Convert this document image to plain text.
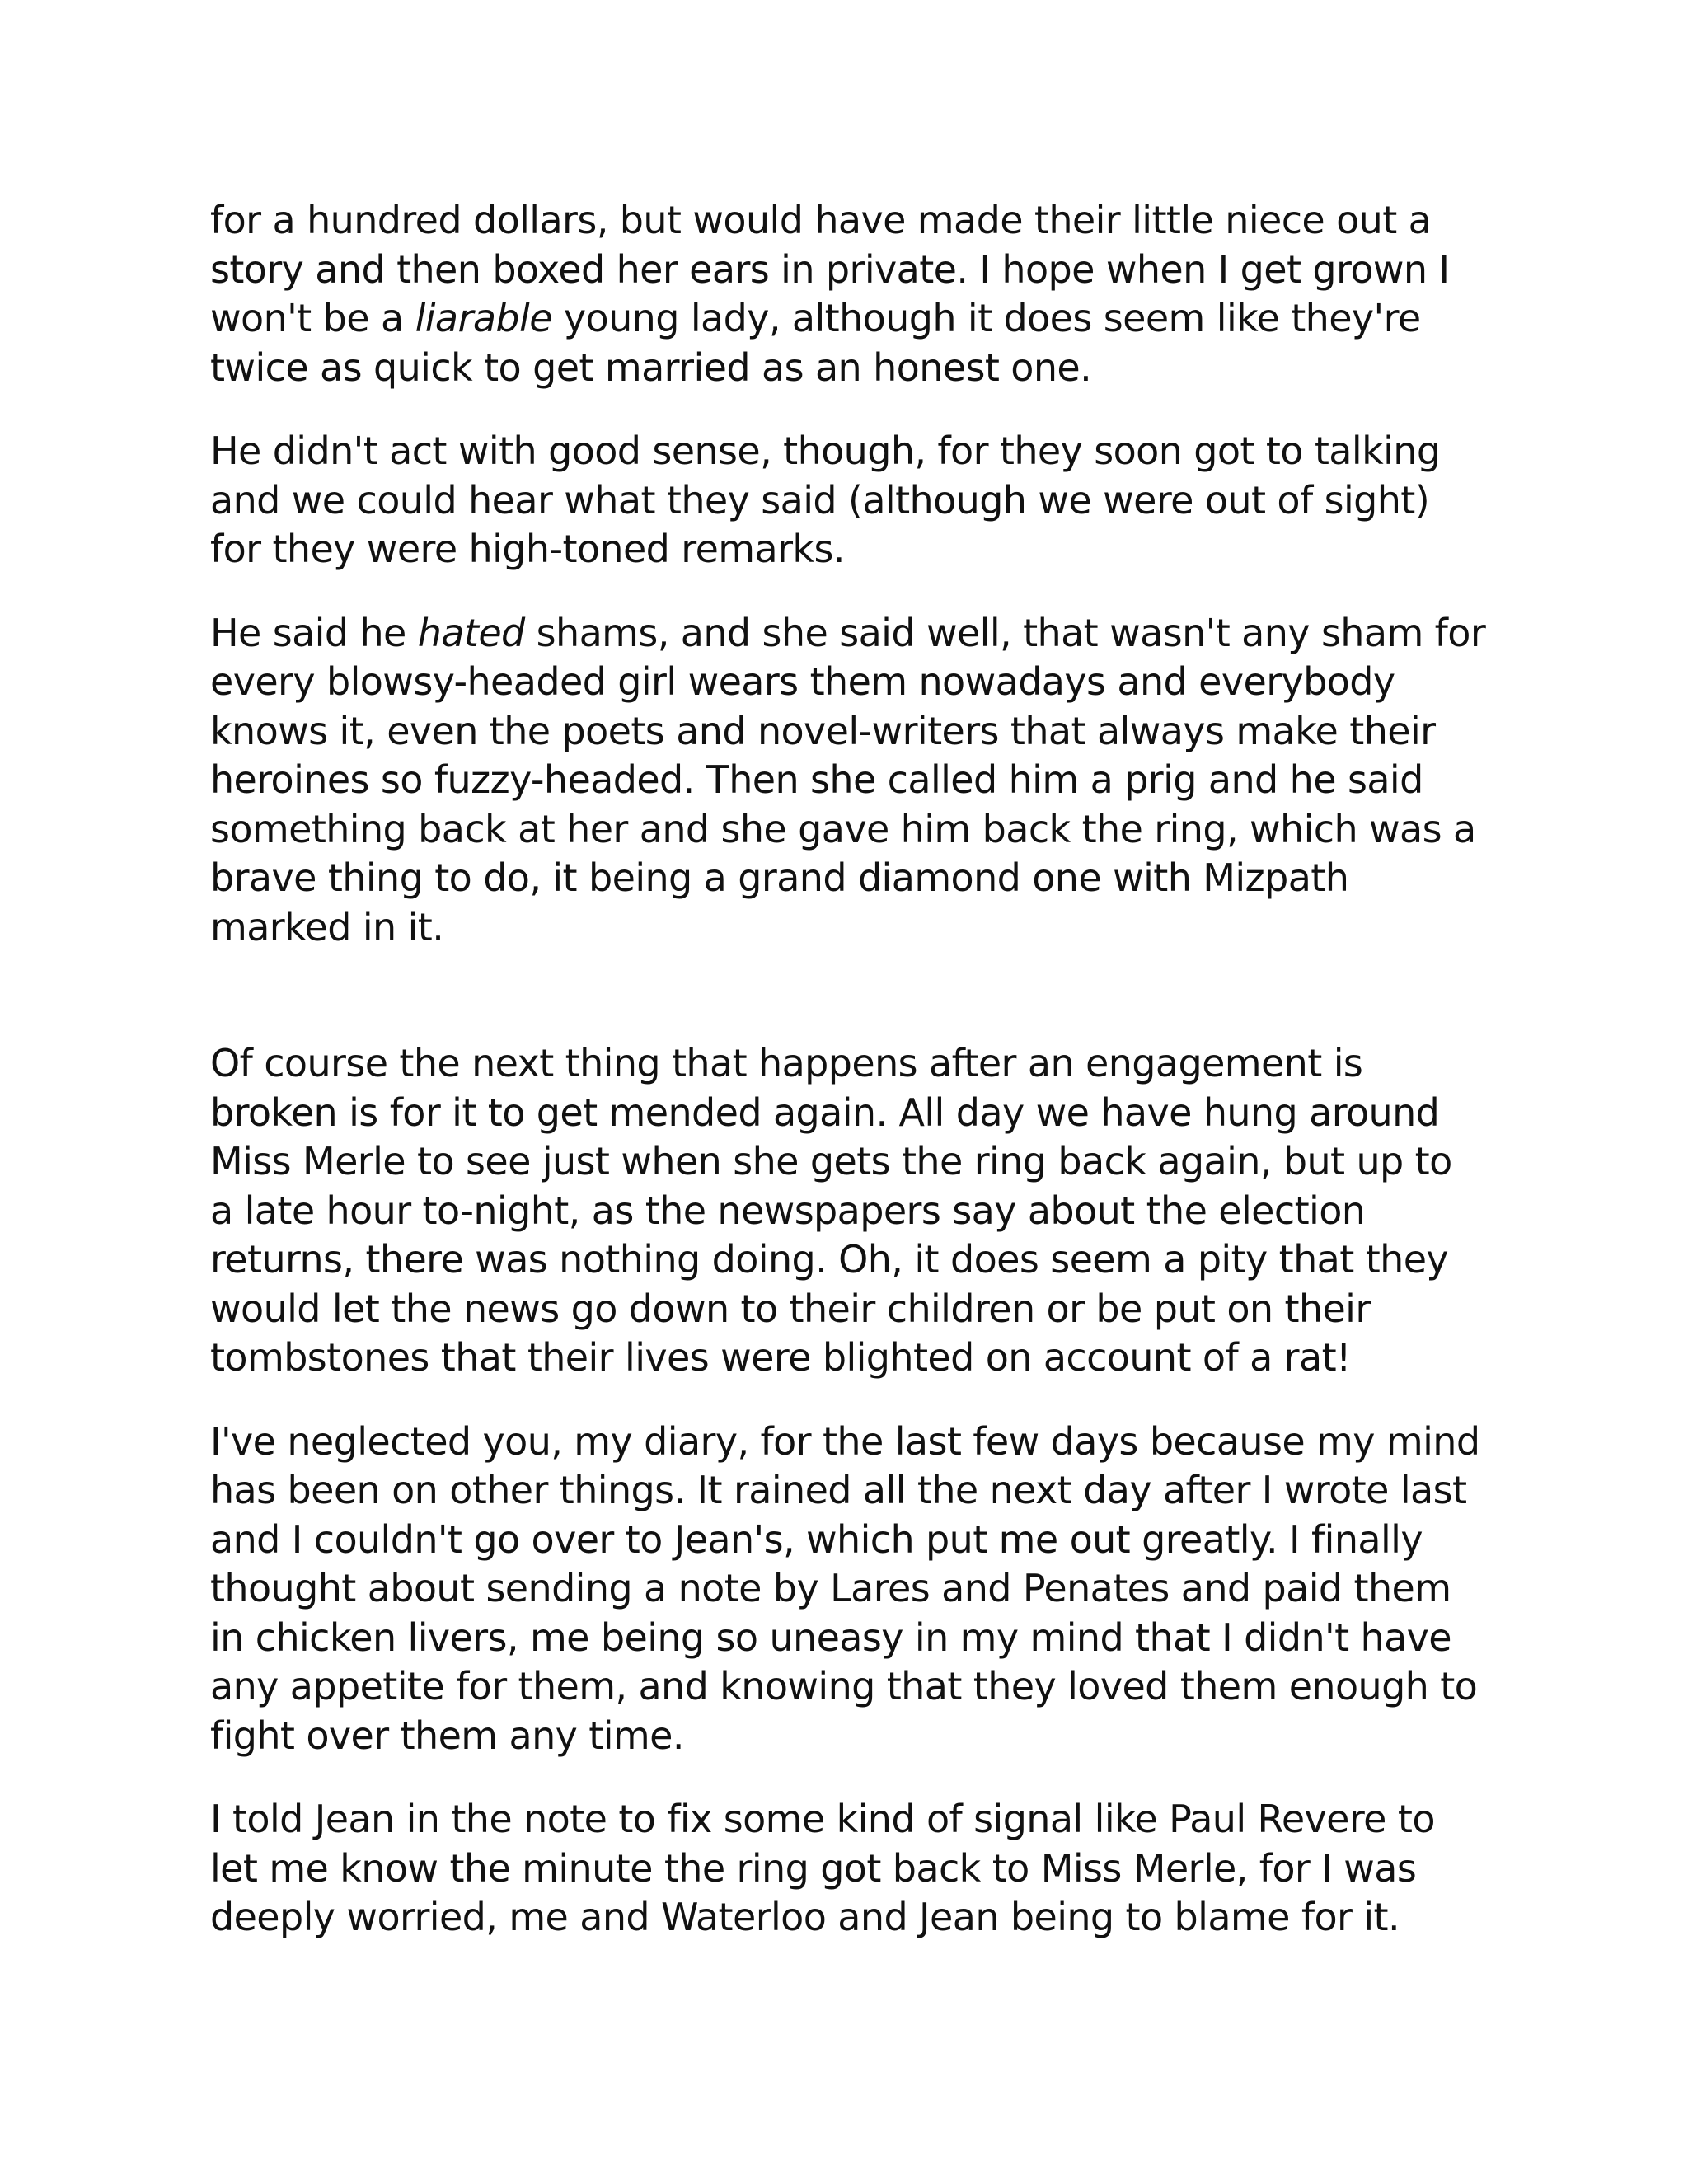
for a hundred dollars, but would have made their little niece out a
story and then boxed her ears in private. I hope when I get grown I
won't be a liarable young lady, although it does seem like they're
twice as quick to get married as an honest one.

He didn't act with good sense, though, for they soon got to talking
and we could hear what they said (although we were out of sight)
for they were high-toned remarks.

He said he hated shams, and she said well, that wasn't any sham for
every blowsy-headed girl wears them nowadays and everybody
knows it, even the poets and novel-writers that always make their
heroines so fuzzy-headed. Then she called him a prig and he said
something back at her and she gave him back the ring, which was a
brave thing to do, it being a grand diamond one with Mizpath
marked in it.

Of course the next thing that happens after an engagement is
broken is for it to get mended again. All day we have hung around
Miss Merle to see just when she gets the ring back again, but up to
a late hour to-night, as the newspapers say about the election
returns, there was nothing doing. Oh, it does seem a pity that they
would let the news go down to their children or be put on their
tombstones that their lives were blighted on account of a rat!

I've neglected you, my diary, for the last few days because my mind
has been on other things. It rained all the next day after I wrote last
and I couldn't go over to Jean's, which put me out greatly. I finally
thought about sending a note by Lares and Penates and paid them
in chicken livers, me being so uneasy in my mind that I didn't have
any appetite for them, and knowing that they loved them enough to
fight over them any time.

I told Jean in the note to fix some kind of signal like Paul Revere to
let me know the minute the ring got back to Miss Merle, for I was
deeply worried, me and Waterloo and Jean being to blame for it.
